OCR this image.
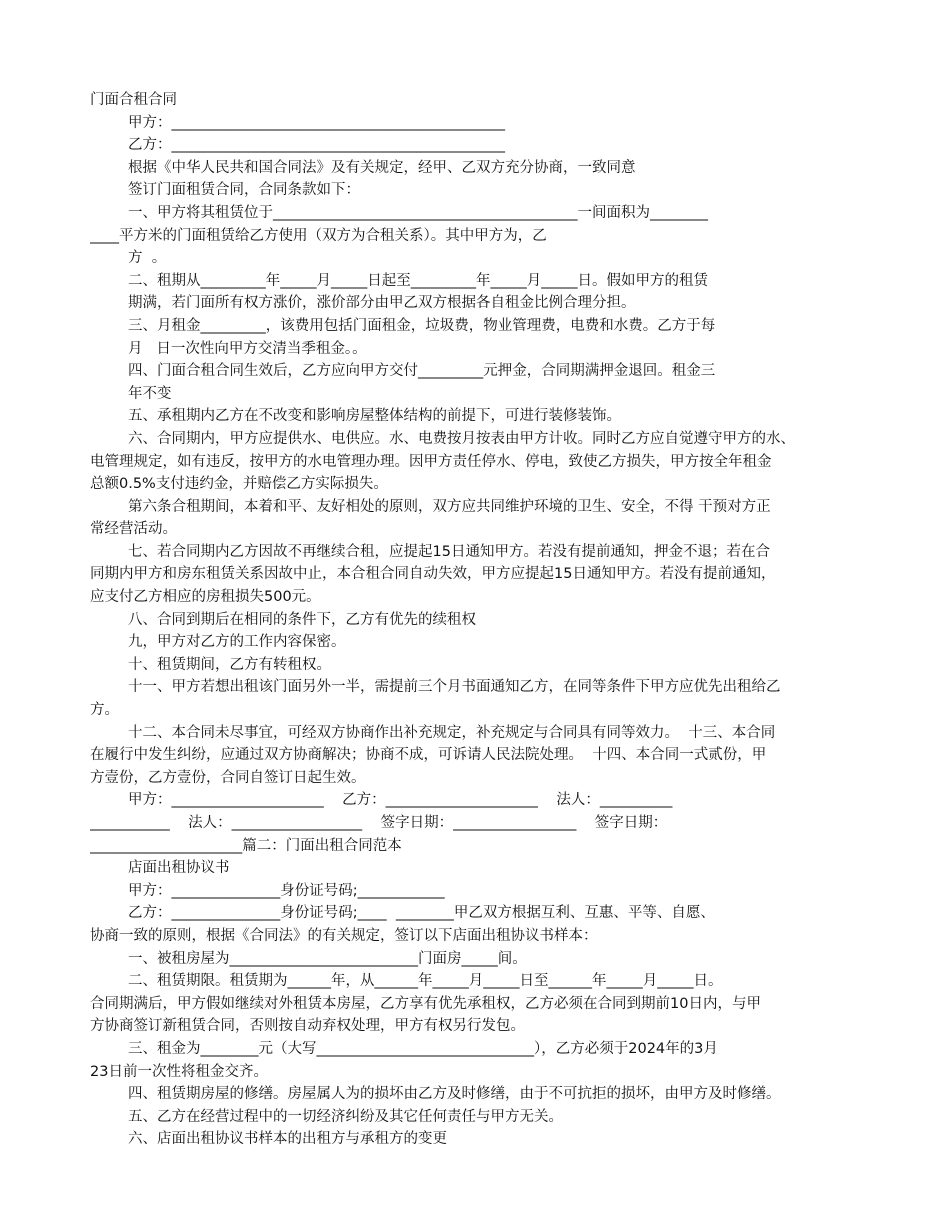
门面合租合同
甲方：______________________________________________
乙方：______________________________________________
根据《中华人民共和国合同法》及有关规定，经甲、乙双方充分协商，一致同意
签订门面租赁合同，合同条款如下：
一、甲方将其租赁位于__________________________________________一间面积为________
____平方米的门面租赁给乙方使用（双方为合租关系）。其中甲方为，乙
方  。
二、租期从_________年_____月_____日起至_________年_____月_____日。假如甲方的租赁
期满，若门面所有权方涨价，涨价部分由甲乙双方根据各自租金比例合理分担。
三、月租金_________，该费用包括门面租金，垃圾费，物业管理费，电费和水费。乙方于每
月   日一次性向甲方交清当季租金。。
四、门面合租合同生效后，乙方应向甲方交付_________元押金，合同期满押金退回。租金三
年不变
五、承租期内乙方在不改变和影响房屋整体结构的前提下，可进行装修装饰。
六、合同期内，甲方应提供水、电供应。水、电费按月按表由甲方计收。同时乙方应自觉遵守甲方的水、
电管理规定，如有违反，按甲方的水电管理办理。因甲方责任停水、停电，致使乙方损失，甲方按全年租金
总额0.5%支付违约金，并赔偿乙方实际损失。
第六条合租期间，本着和平、友好相处的原则，双方应共同维护环境的卫生、安全，不得 干预对方正
常经营活动。
七、若合同期内乙方因故不再继续合租，应提起15日通知甲方。若没有提前通知，押金不退；若在合
同期内甲方和房东租赁关系因故中止，本合租合同自动失效，甲方应提起15日通知甲方。若没有提前通知，
应支付乙方相应的房租损失500元。
八、合同到期后在相同的条件下，乙方有优先的续租权
九，甲方对乙方的工作内容保密。
十、租赁期间，乙方有转租权。
十一、甲方若想出租该门面另外一半，需提前三个月书面通知乙方，在同等条件下甲方应优先出租给乙
方。
十二、本合同未尽事宜，可经双方协商作出补充规定，补充规定与合同具有同等效力。  十三、本合同
在履行中发生纠纷，应通过双方协商解决；协商不成，可诉请人民法院处理。  十四、本合同一式贰份，甲
方壹份，乙方壹份，合同自签订日起生效。
甲方：_____________________    乙方：_____________________    法人：__________
___________    法人：__________________    签字日期：_________________    签字日期：
_____________________篇二：门面出租合同范本
店面出租协议书
甲方：_______________身份证号码;____________
乙方：_______________身份证号码;____  ________甲乙双方根据互利、互惠、平等、自愿、
协商一致的原则，根据《合同法》的有关规定，签订以下店面出租协议书样本：
一、被租房屋为__________________________门面房_____间。
二、租赁期限。租赁期为______年，从______年_____月_____日至______年_____月_____日。
合同期满后，甲方假如继续对外租赁本房屋，乙方享有优先承租权，乙方必须在合同到期前10日内，与甲
方协商签订新租赁合同，否则按自动弃权处理，甲方有权另行发包。
三、租金为________元（大写______________________________），乙方必须于2024年的3月
23日前一次性将租金交齐。
四、租赁期房屋的修缮。房屋属人为的损坏由乙方及时修缮，由于不可抗拒的损坏，由甲方及时修缮。
五、乙方在经营过程中的一切经济纠纷及其它任何责任与甲方无关。
六、店面出租协议书样本的出租方与承租方的变更
